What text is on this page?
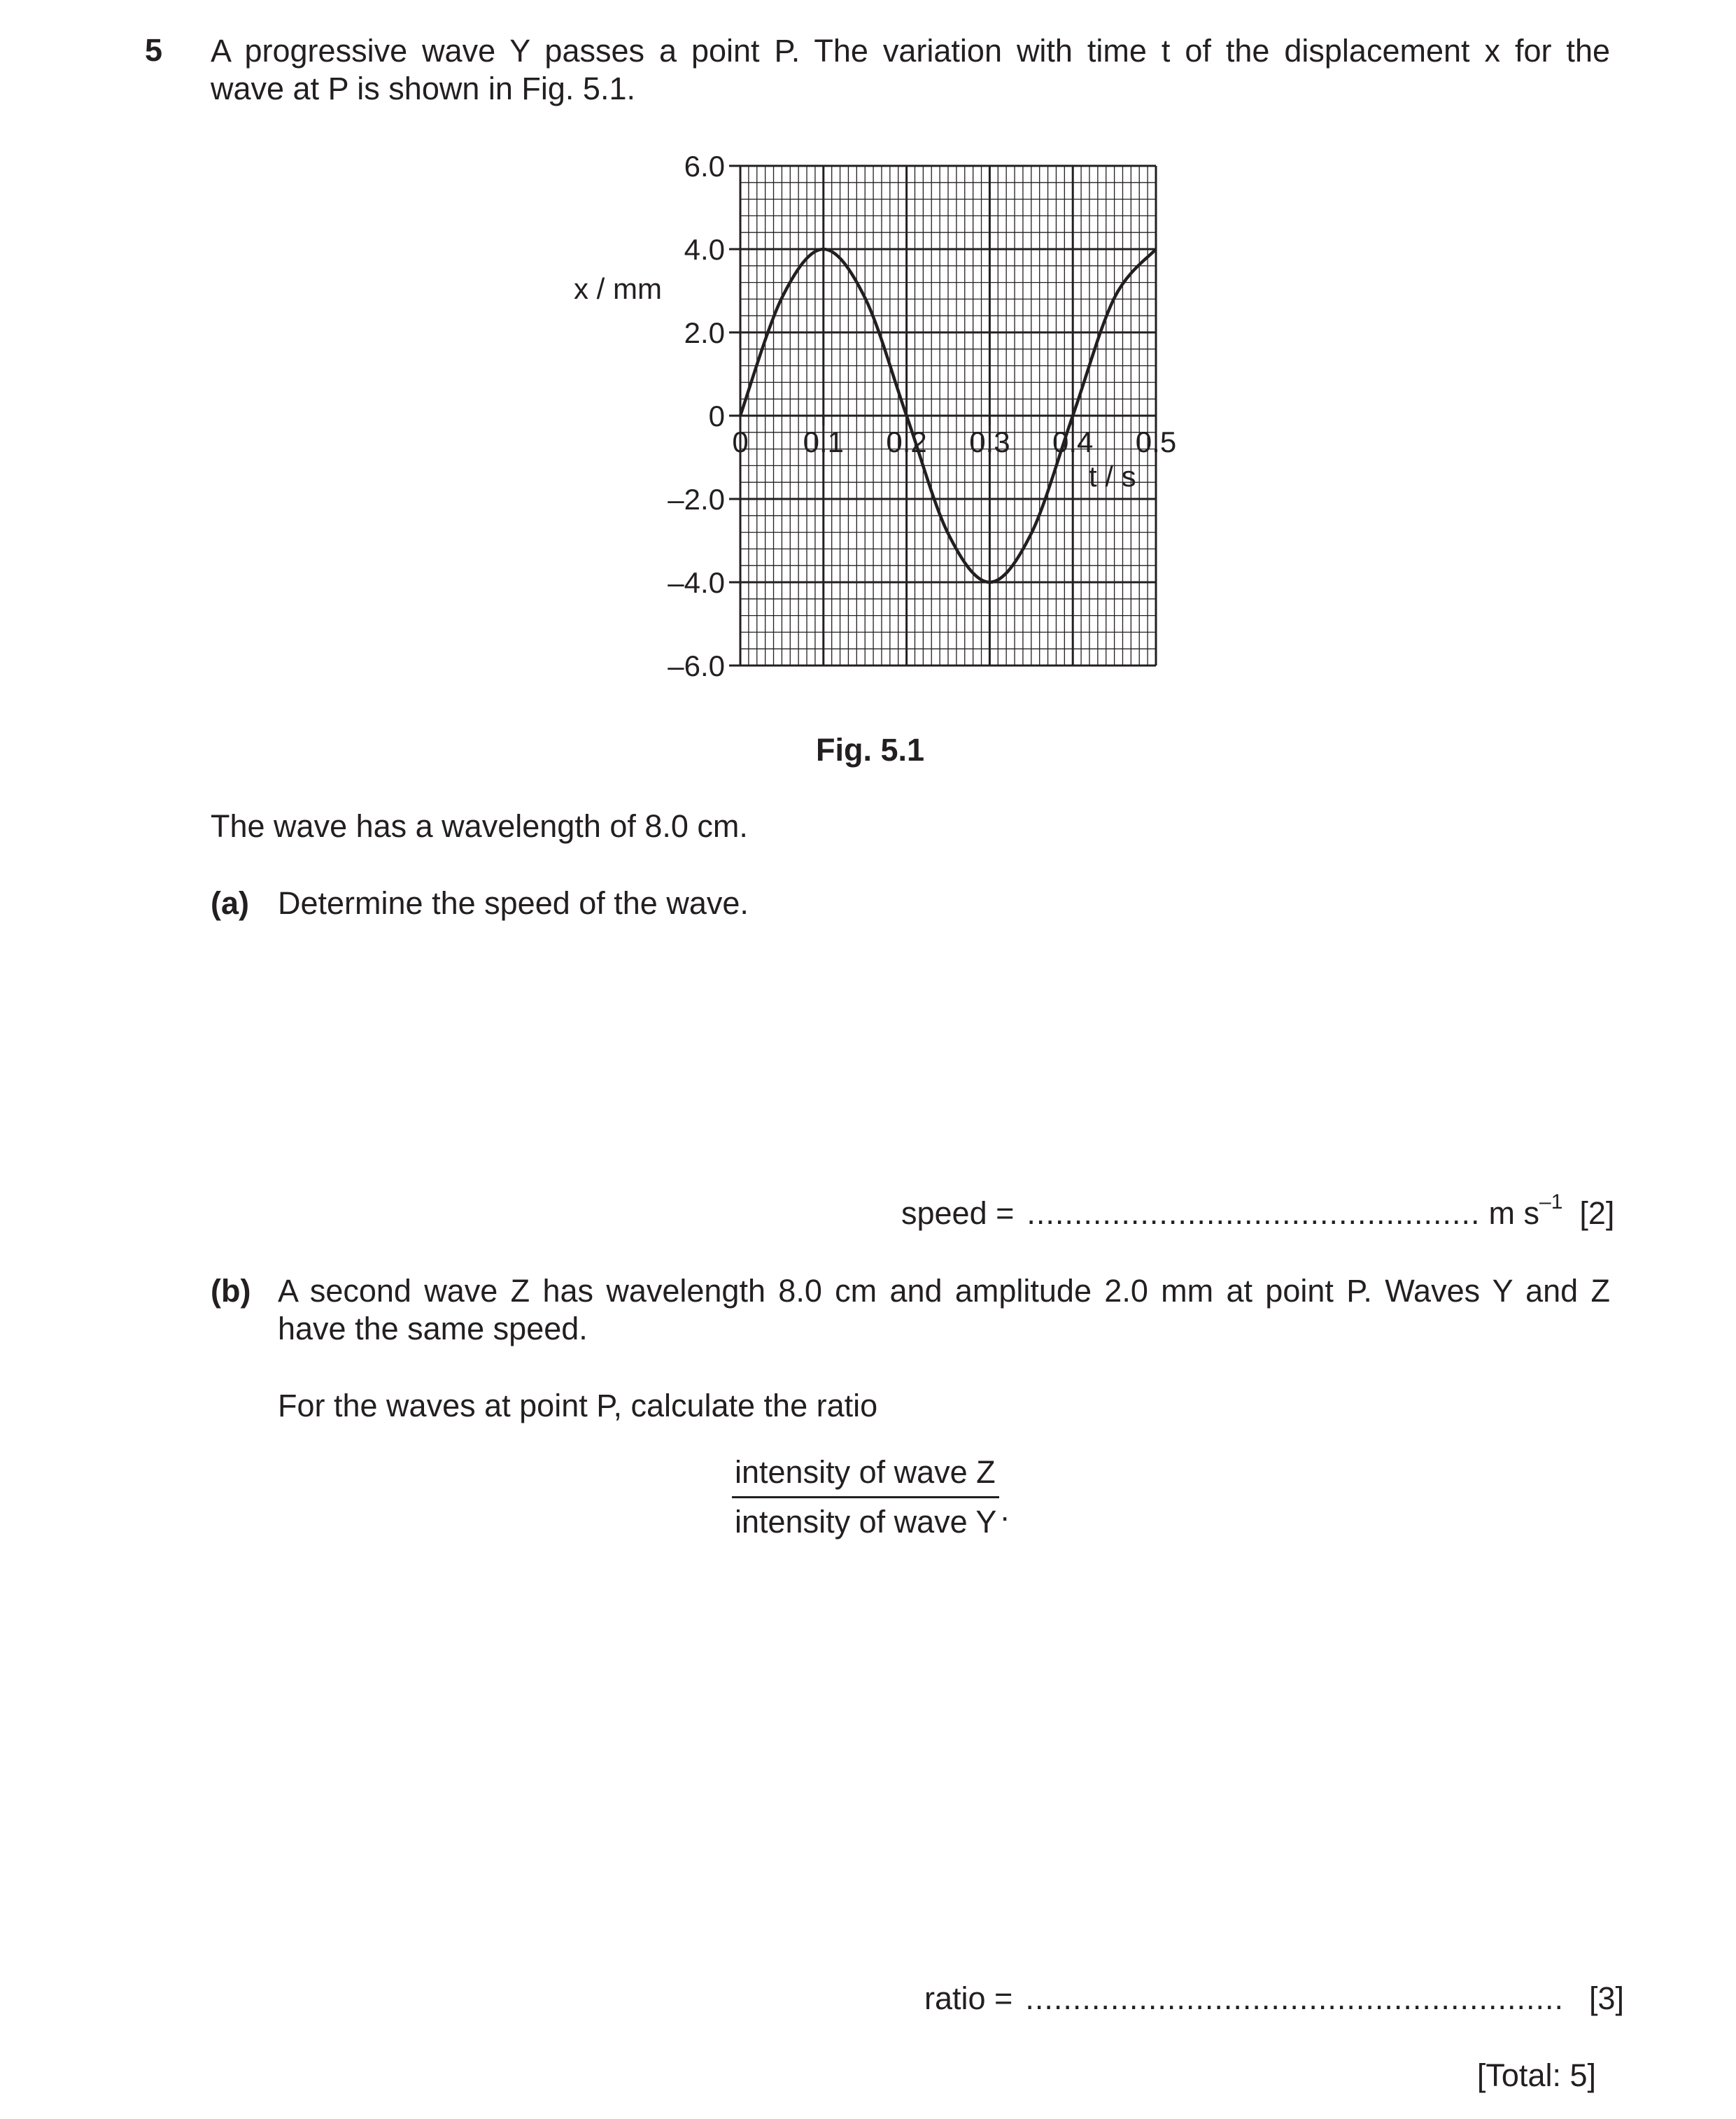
5 A progressive wave Y passes a point P. The variation with time t of the displacement x for the
wave at P is shown in Fig. 5.1.
6.0
4.0
2.0
0
–2.0
–4.0
–6.0
0 0.1 0.2 0.3 0.4 0.5
x / mm
t / s
Fig. 5.1
The wave has a wavelength of 8.0 cm.
(a) Determine the speed of the wave.
speed = ................................................ m $s^{-1}$ [2]
(b) A second wave Z has wavelength 8.0 cm and amplitude 2.0 mm at point P. Waves Y and Z
have the same speed.
For the waves at point P, calculate the ratio
intensity of wave Z
intensity of wave Y .
ratio = ......................................................... [3]
[Total: 5]
